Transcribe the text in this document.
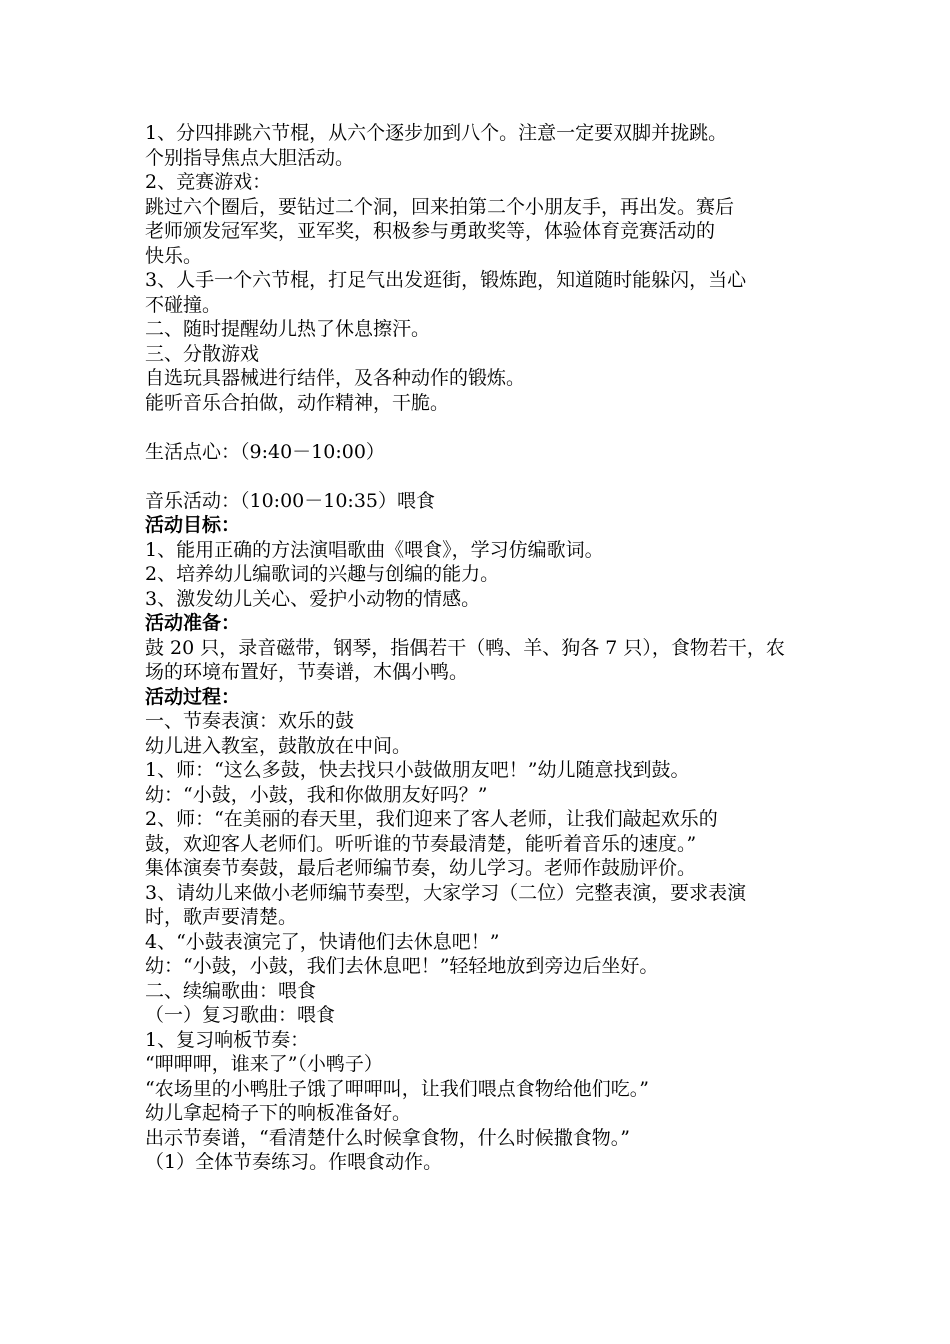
1、分四排跳六节棍，从六个逐步加到八个。注意一定要双脚并拢跳。
个别指导焦点大胆活动。
2、竞赛游戏：
跳过六个圈后，要钻过二个洞，回来拍第二个小朋友手，再出发。赛后
老师颁发冠军奖，亚军奖，积极参与勇敢奖等，体验体育竞赛活动的
快乐。
3、人手一个六节棍，打足气出发逛街，锻炼跑，知道随时能躲闪，当心
不碰撞。
二、随时提醒幼儿热了休息擦汗。
三、分散游戏
自选玩具器械进行结伴，及各种动作的锻炼。
能听音乐合拍做，动作精神，干脆。
生活点心：（9:40－10:00）
音乐活动：（10:00－10:35）喂食
活动目标：
1、能用正确的方法演唱歌曲《喂食》，学习仿编歌词。
2、培养幼儿编歌词的兴趣与创编的能力。
3、激发幼儿关心、爱护小动物的情感。
活动准备：
鼓 20 只，录音磁带，钢琴，指偶若干（鸭、羊、狗各 7 只），食物若干，农
场的环境布置好，节奏谱，木偶小鸭。
活动过程：
一、节奏表演：欢乐的鼓
幼儿进入教室，鼓散放在中间。
1、师：“这么多鼓，快去找只小鼓做朋友吧！”幼儿随意找到鼓。
幼：“小鼓，小鼓，我和你做朋友好吗？”
2、师：“在美丽的春天里，我们迎来了客人老师，让我们敲起欢乐的
鼓，欢迎客人老师们。听听谁的节奏最清楚，能听着音乐的速度。”
集体演奏节奏鼓，最后老师编节奏，幼儿学习。老师作鼓励评价。
3、请幼儿来做小老师编节奏型，大家学习（二位）完整表演，要求表演
时，歌声要清楚。
4、“小鼓表演完了，快请他们去休息吧！”
幼：“小鼓，小鼓，我们去休息吧！”轻轻地放到旁边后坐好。
二、续编歌曲：喂食
（一）复习歌曲：喂食
1、复习响板节奏：
“呷呷呷，谁来了”（小鸭子）
“农场里的小鸭肚子饿了呷呷叫，让我们喂点食物给他们吃。”
幼儿拿起椅子下的响板准备好。
出示节奏谱，“看清楚什么时候拿食物，什么时候撒食物。”
（1）全体节奏练习。作喂食动作。
